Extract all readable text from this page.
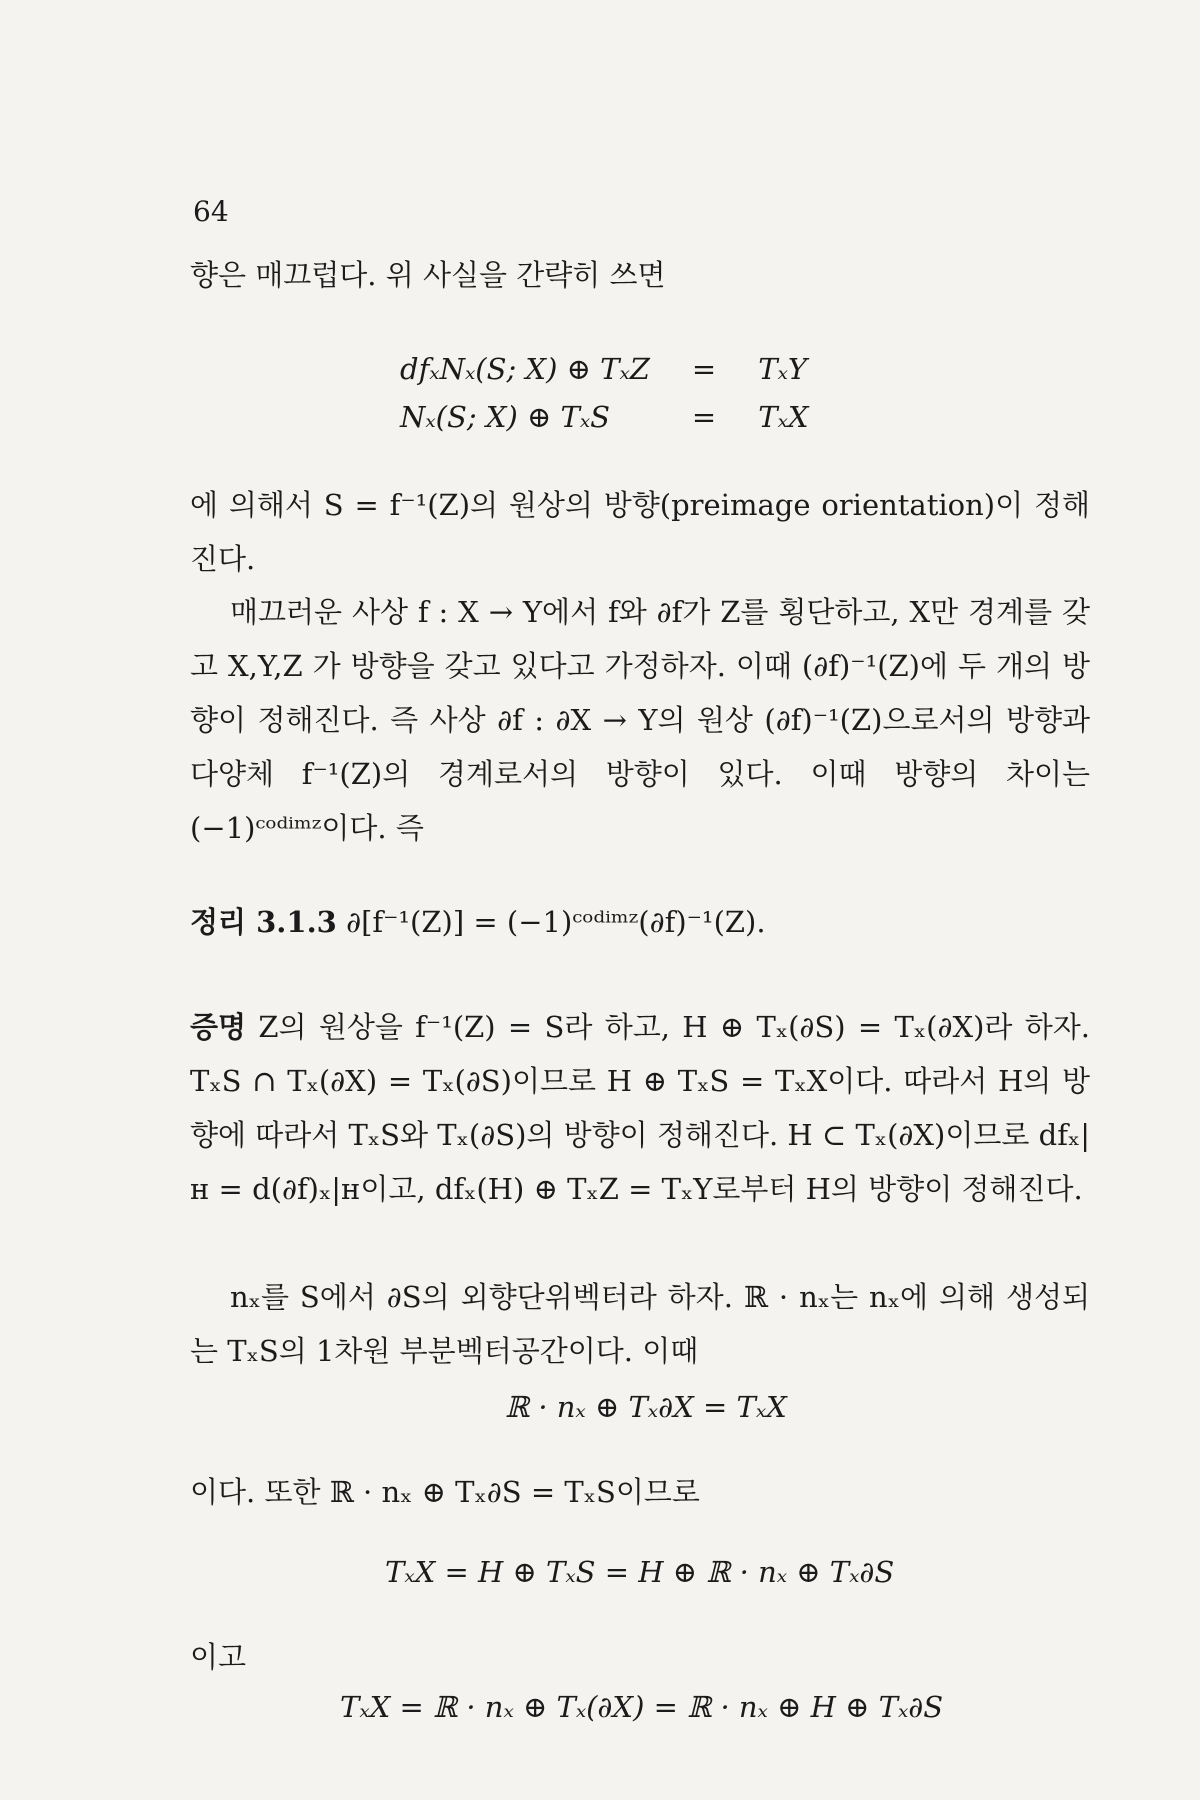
64

향은 매끄럽다. 위 사실을 간략히 쓰면

dfₓNₓ(S; X) ⊕ TₓZ	=	TₓY
Nₓ(S; X) ⊕ TₓS	=	TₓX

에 의해서 S = f⁻¹(Z)의 원상의 방향(preimage orientation)이 정해진다.

매끄러운 사상 f : X → Y에서 f와 ∂f가 Z를 횡단하고, X만 경계를 갖고 X,Y,Z 가 방향을 갖고 있다고 가정하자. 이때 (∂f)⁻¹(Z)에 두 개의 방향이 정해진다. 즉 사상 ∂f : ∂X → Y의 원상 (∂f)⁻¹(Z)으로서의 방향과 다양체 f⁻¹(Z)의 경계로서의 방향이 있다. 이때 방향의 차이는 (−1)ᶜᵒᵈⁱᵐᶻ이다. 즉

정리 3.1.3 ∂[f⁻¹(Z)] = (−1)ᶜᵒᵈⁱᵐᶻ(∂f)⁻¹(Z).

증명 Z의 원상을 f⁻¹(Z) = S라 하고, H ⊕ Tₓ(∂S) = Tₓ(∂X)라 하자. TₓS ∩ Tₓ(∂X) = Tₓ(∂S)이므로 H ⊕ TₓS = TₓX이다. 따라서 H의 방향에 따라서 TₓS와 Tₓ(∂S)의 방향이 정해진다. H ⊂ Tₓ(∂X)이므로 dfₓ|ʜ = d(∂f)ₓ|ʜ이고, dfₓ(H) ⊕ TₓZ = TₓY로부터 H의 방향이 정해진다.

nₓ를 S에서 ∂S의 외향단위벡터라 하자. ℝ · nₓ는 nₓ에 의해 생성되는 TₓS의 1차원 부분벡터공간이다. 이때

ℝ · nₓ ⊕ Tₓ∂X = TₓX

이다. 또한 ℝ · nₓ ⊕ Tₓ∂S = TₓS이므로

TₓX = H ⊕ TₓS = H ⊕ ℝ · nₓ ⊕ Tₓ∂S

이고

TₓX = ℝ · nₓ ⊕ Tₓ(∂X) = ℝ · nₓ ⊕ H ⊕ Tₓ∂S
